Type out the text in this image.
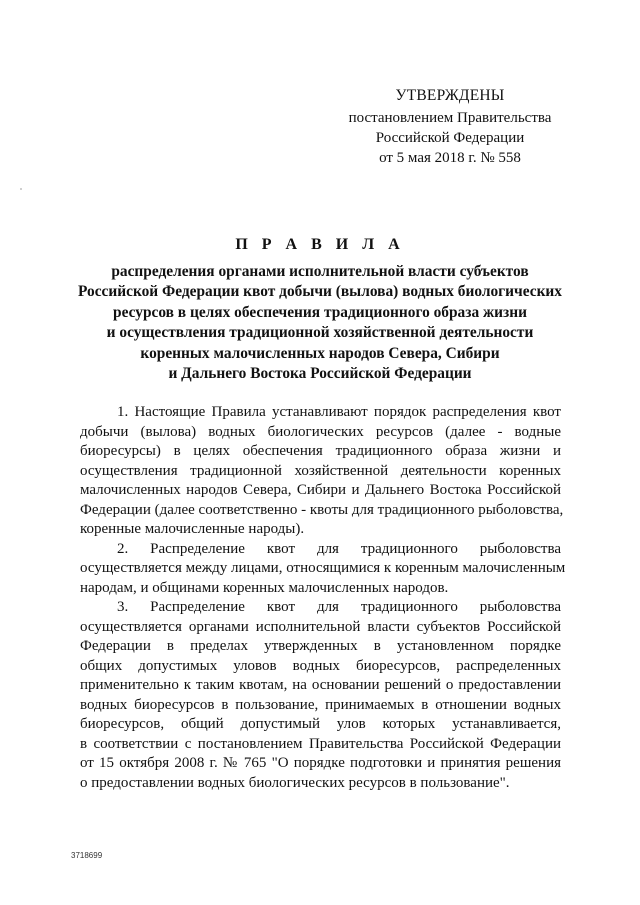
УТВЕРЖДЕНЫ
постановлением Правительства
Российской Федерации
от 5 мая 2018 г. № 558
П Р А В И Л А
распределения органами исполнительной власти субъектов
Российской Федерации квот добычи (вылова) водных биологических
ресурсов в целях обеспечения традиционного образа жизни
и осуществления традиционной хозяйственной деятельности
коренных малочисленных народов Севера, Сибири
и Дальнего Востока Российской Федерации
1. Настоящие Правила устанавливают порядок распределения квот
добычи (вылова) водных биологических ресурсов (далее - водные
биоресурсы) в целях обеспечения традиционного образа жизни и
осуществления традиционной хозяйственной деятельности коренных
малочисленных народов Севера, Сибири и Дальнего Востока Российской
Федерации (далее соответственно - квоты для традиционного рыболовства,
коренные малочисленные народы).
2. Распределение квот для традиционного рыболовства
осуществляется между лицами, относящимися к коренным малочисленным
народам, и общинами коренных малочисленных народов.
3. Распределение квот для традиционного рыболовства
осуществляется органами исполнительной власти субъектов Российской
Федерации в пределах утвержденных в установленном порядке
общих допустимых уловов водных биоресурсов, распределенных
применительно к таким квотам, на основании решений о предоставлении
водных биоресурсов в пользование, принимаемых в отношении водных
биоресурсов, общий допустимый улов которых устанавливается,
в соответствии с постановлением Правительства Российской Федерации
от 15 октября 2008 г. № 765 "О порядке подготовки и принятия решения
о предоставлении водных биологических ресурсов в пользование".
3718699
